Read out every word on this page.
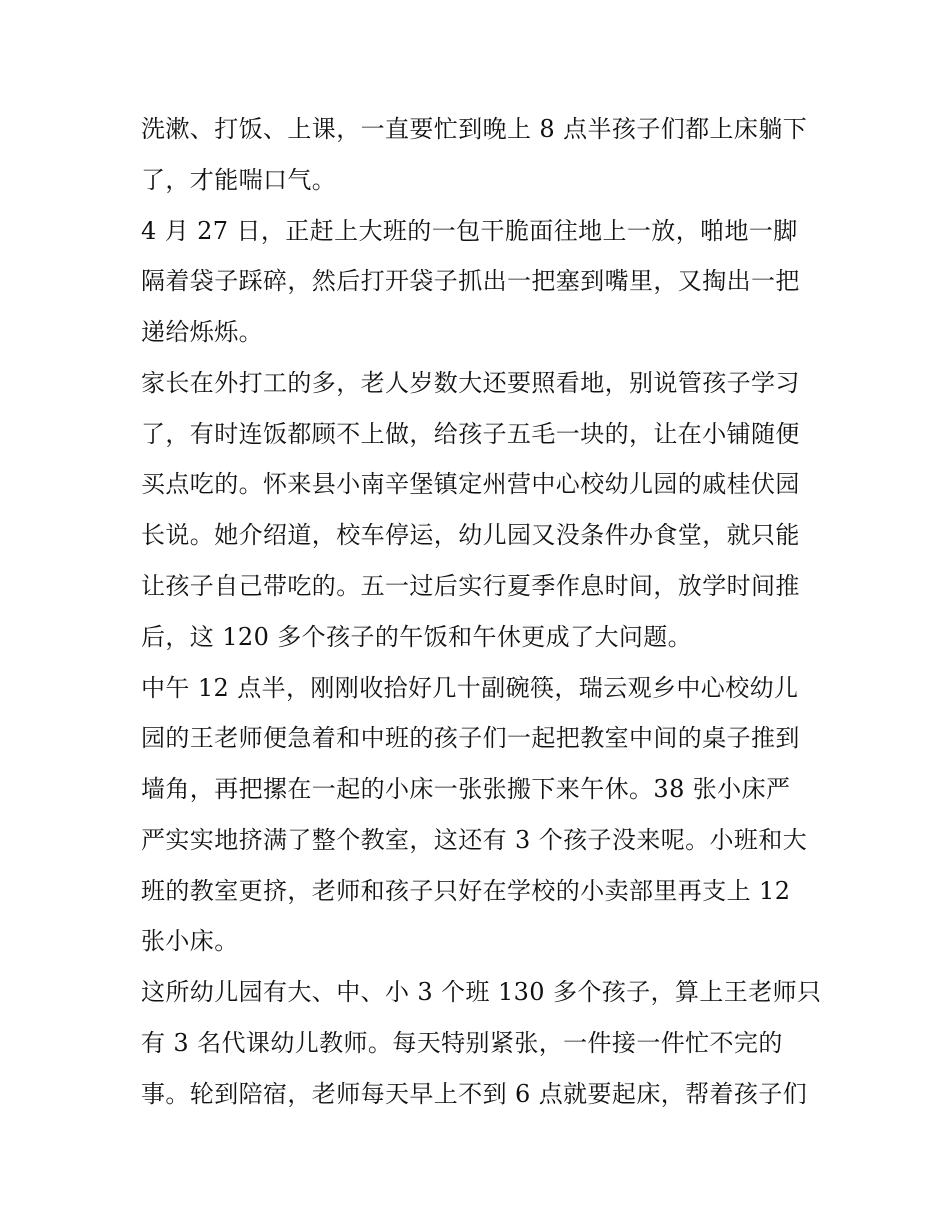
洗漱、打饭、上课，一直要忙到晚上 8 点半孩子们都上床躺下
了，才能喘口气。
4 月 27 日，正赶上大班的一包干脆面往地上一放，啪地一脚
隔着袋子踩碎，然后打开袋子抓出一把塞到嘴里，又掏出一把
递给烁烁。
家长在外打工的多，老人岁数大还要照看地，别说管孩子学习
了，有时连饭都顾不上做，给孩子五毛一块的，让在小铺随便
买点吃的。怀来县小南辛堡镇定州营中心校幼儿园的戚桂伏园
长说。她介绍道，校车停运，幼儿园又没条件办食堂，就只能
让孩子自己带吃的。五一过后实行夏季作息时间，放学时间推
后，这 120 多个孩子的午饭和午休更成了大问题。
中午 12 点半，刚刚收拾好几十副碗筷，瑞云观乡中心校幼儿
园的王老师便急着和中班的孩子们一起把教室中间的桌子推到
墙角，再把摞在一起的小床一张张搬下来午休。38 张小床严
严实实地挤满了整个教室，这还有 3 个孩子没来呢。小班和大
班的教室更挤，老师和孩子只好在学校的小卖部里再支上 12
张小床。
这所幼儿园有大、中、小 3 个班 130 多个孩子，算上王老师只
有 3 名代课幼儿教师。每天特别紧张，一件接一件忙不完的
事。轮到陪宿，老师每天早上不到 6 点就要起床，帮着孩子们
